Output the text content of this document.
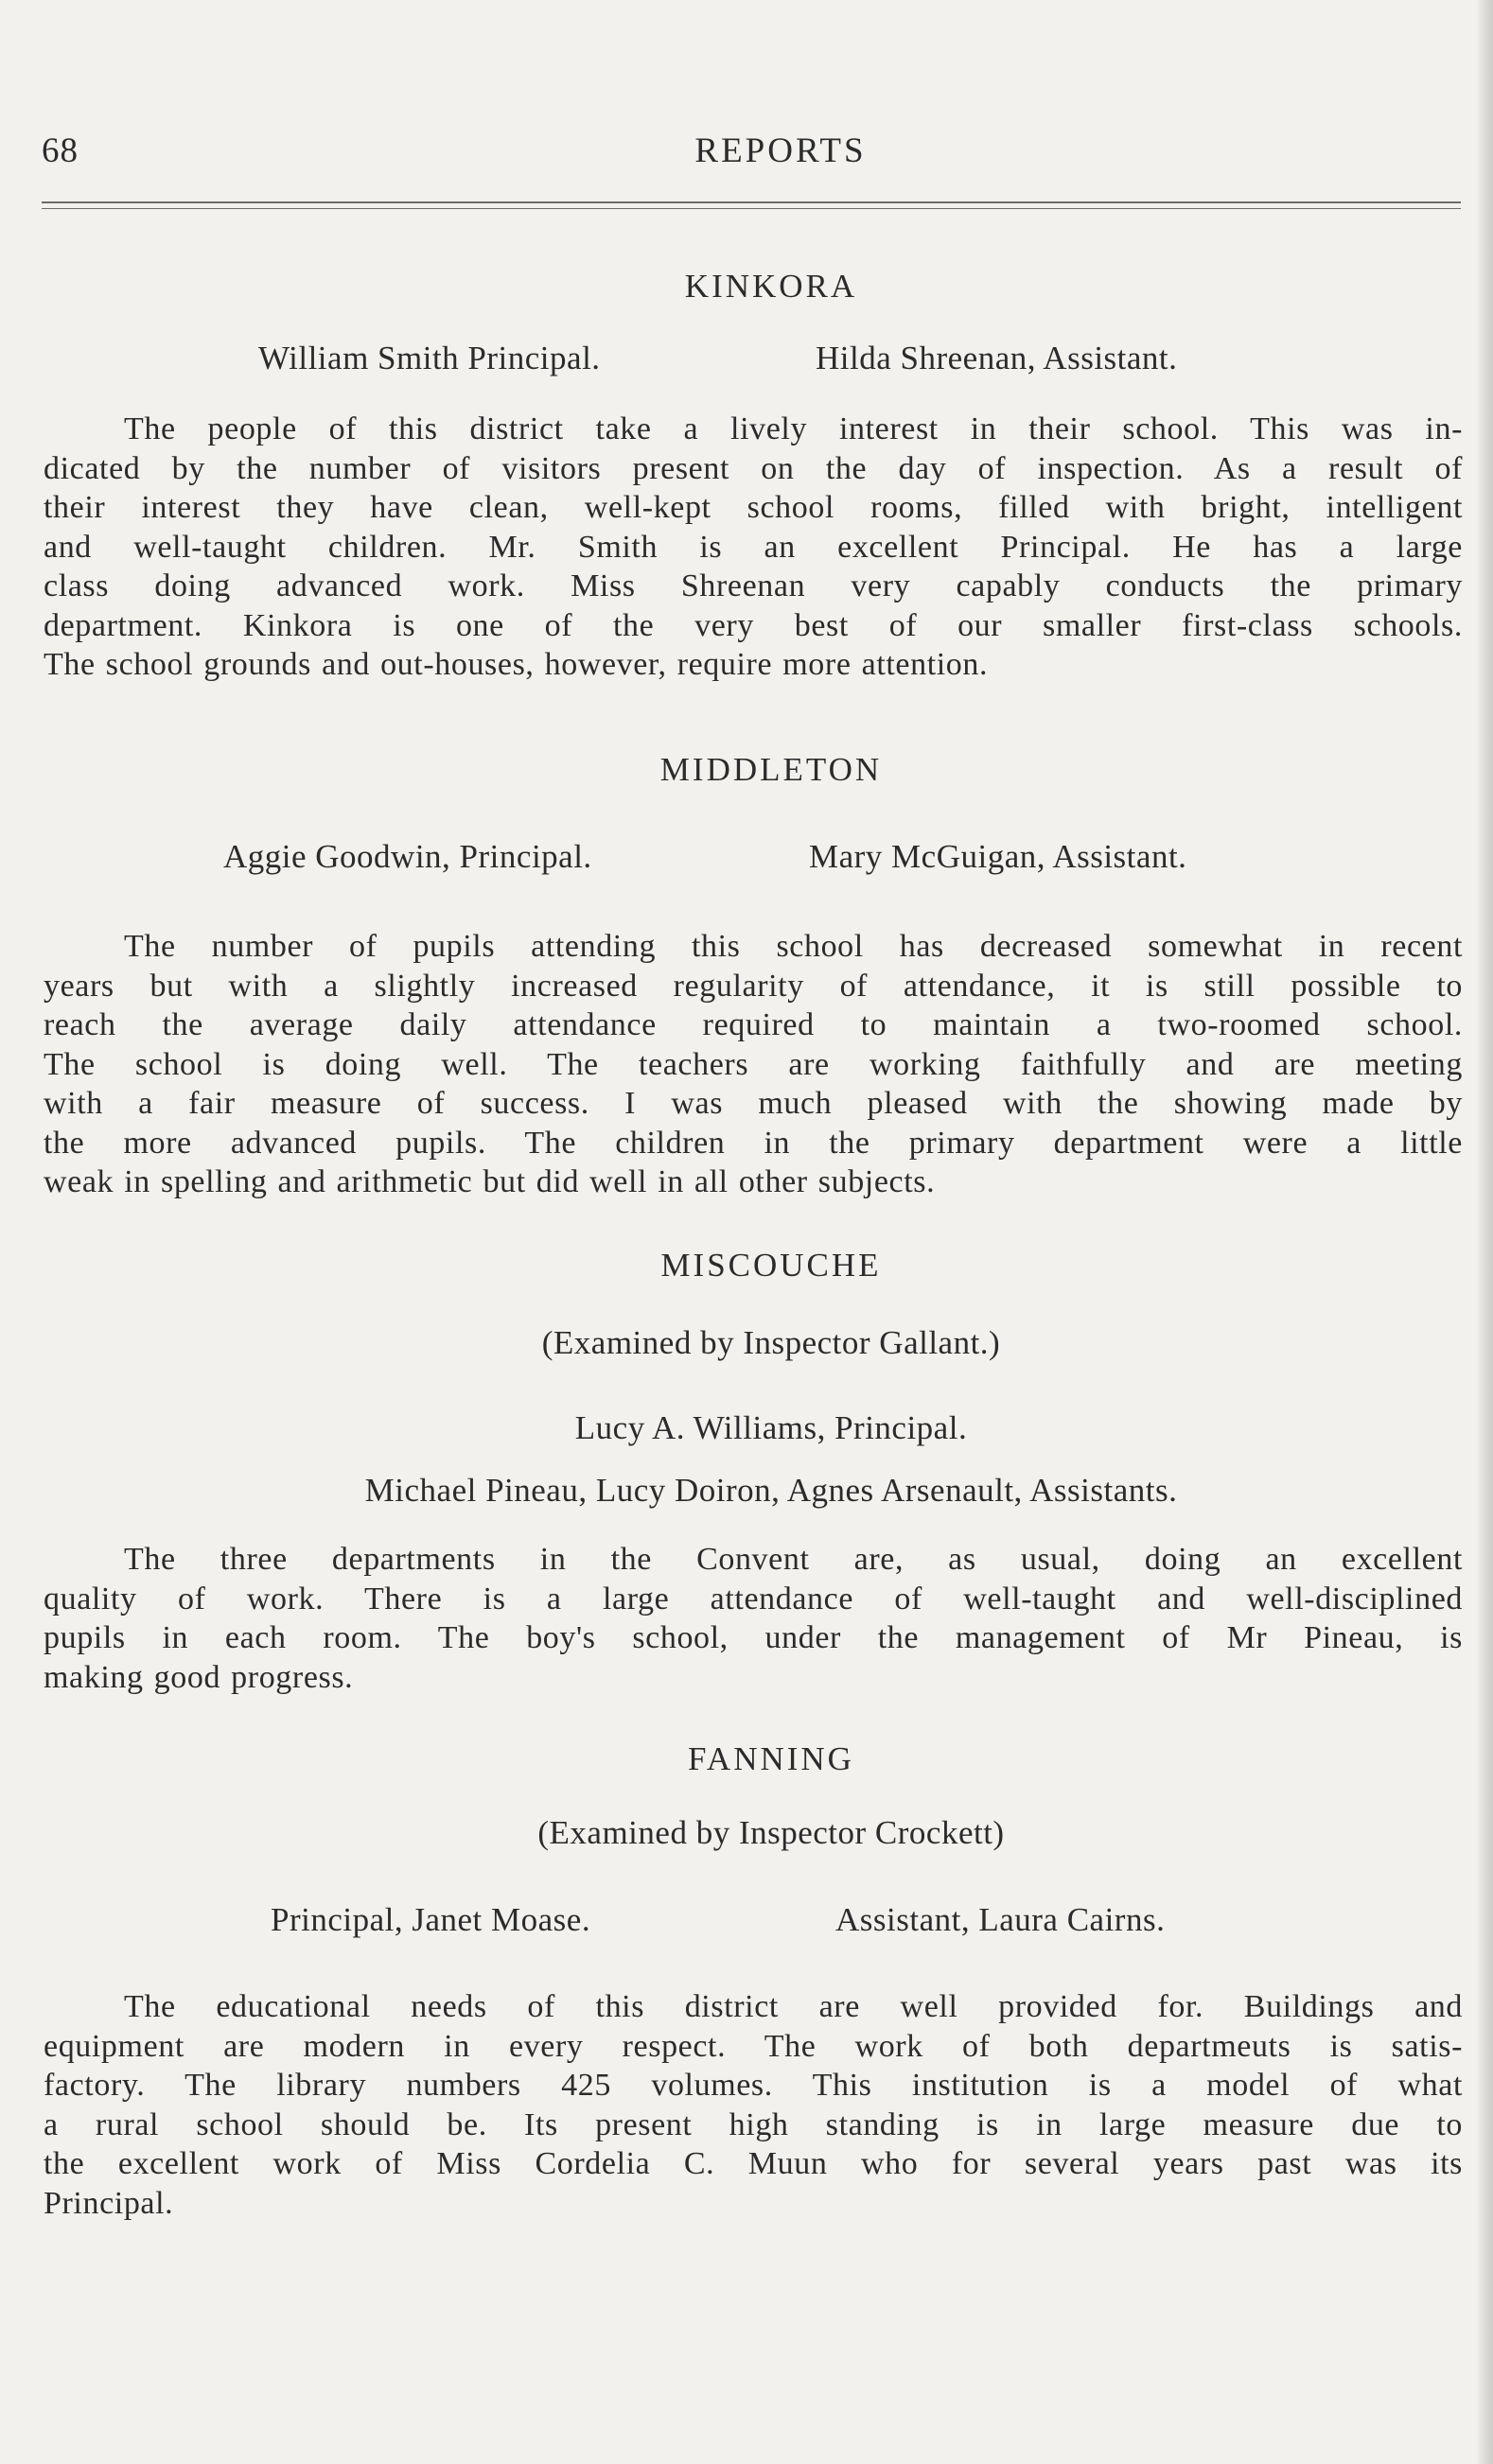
68	REPORTS
KINKORA
William Smith Principal.	Hilda Shreenan, Assistant.
The people of this district take a lively interest in their school. This was in-
dicated by the number of visitors present on the day of inspection. As a result of
their interest they have clean, well-kept school rooms, filled with bright, intelligent
and well-taught children. Mr. Smith is an excellent Principal. He has a large
class doing advanced work. Miss Shreenan very capably conducts the primary
department. Kinkora is one of the very best of our smaller first-class schools.
The school grounds and out-houses, however, require more attention.
MIDDLETON
Aggie Goodwin, Principal.	Mary McGuigan, Assistant.
The number of pupils attending this school has decreased somewhat in recent
years but with a slightly increased regularity of attendance, it is still possible to
reach the average daily attendance required to maintain a two-roomed school.
The school is doing well. The teachers are working faithfully and are meeting
with a fair measure of success. I was much pleased with the showing made by
the more advanced pupils. The children in the primary department were a little
weak in spelling and arithmetic but did well in all other subjects.
MISCOUCHE
(Examined by Inspector Gallant.)
Lucy A. Williams, Principal.
Michael Pineau, Lucy Doiron, Agnes Arsenault, Assistants.
The three departments in the Convent are, as usual, doing an excellent
quality of work. There is a large attendance of well-taught and well-disciplined
pupils in each room. The boy's school, under the management of Mr Pineau, is
making good progress.
FANNING
(Examined by Inspector Crockett)
Principal, Janet Moase.	Assistant, Laura Cairns.
The educational needs of this district are well provided for. Buildings and
equipment are modern in every respect. The work of both departmeuts is satis-
factory. The library numbers 425 volumes. This institution is a model of what
a rural school should be. Its present high standing is in large measure due to
the excellent work of Miss Cordelia C. Muun who for several years past was its
Principal.
